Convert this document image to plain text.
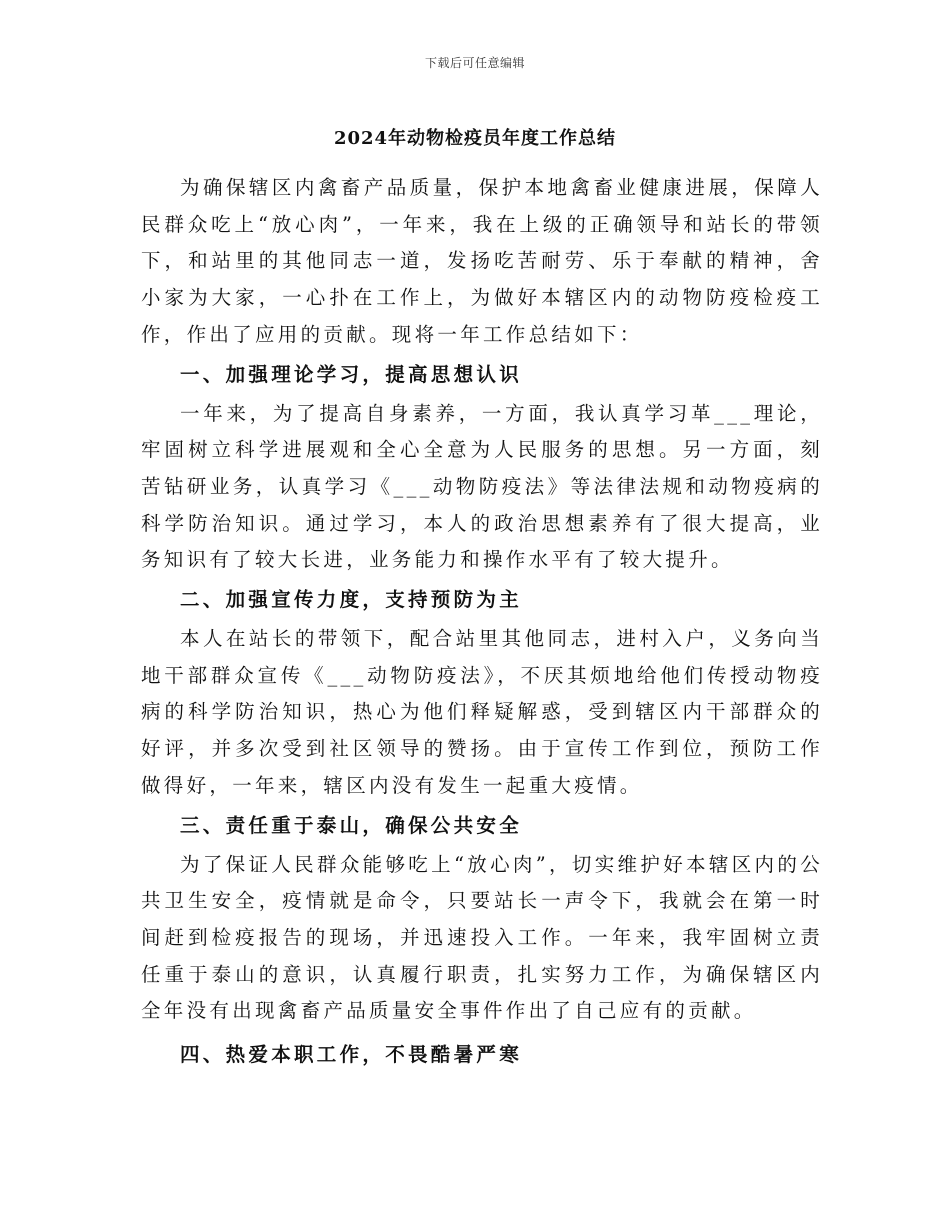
下载后可任意编辑
2024年动物检疫员年度工作总结

为确保辖区内禽畜产品质量，保护本地禽畜业健康进展，保障人民群众吃上“放心肉”，一年来，我在上级的正确领导和站长的带领下，和站里的其他同志一道，发扬吃苦耐劳、乐于奉献的精神，舍小家为大家，一心扑在工作上，为做好本辖区内的动物防疫检疫工作，作出了应用的贡献。现将一年工作总结如下：

一、加强理论学习，提高思想认识

一年来，为了提高自身素养，一方面，我认真学习革___理论，牢固树立科学进展观和全心全意为人民服务的思想。另一方面，刻苦钻研业务，认真学习《___动物防疫法》等法律法规和动物疫病的科学防治知识。通过学习，本人的政治思想素养有了很大提高，业务知识有了较大长进，业务能力和操作水平有了较大提升。

二、加强宣传力度，支持预防为主

本人在站长的带领下，配合站里其他同志，进村入户，义务向当地干部群众宣传《___动物防疫法》，不厌其烦地给他们传授动物疫病的科学防治知识，热心为他们释疑解惑，受到辖区内干部群众的好评，并多次受到社区领导的赞扬。由于宣传工作到位，预防工作做得好，一年来，辖区内没有发生一起重大疫情。

三、责任重于泰山，确保公共安全

为了保证人民群众能够吃上“放心肉”，切实维护好本辖区内的公共卫生安全，疫情就是命令，只要站长一声令下，我就会在第一时间赶到检疫报告的现场，并迅速投入工作。一年来，我牢固树立责任重于泰山的意识，认真履行职责，扎实努力工作，为确保辖区内全年没有出现禽畜产品质量安全事件作出了自己应有的贡献。

四、热爱本职工作，不畏酷暑严寒
